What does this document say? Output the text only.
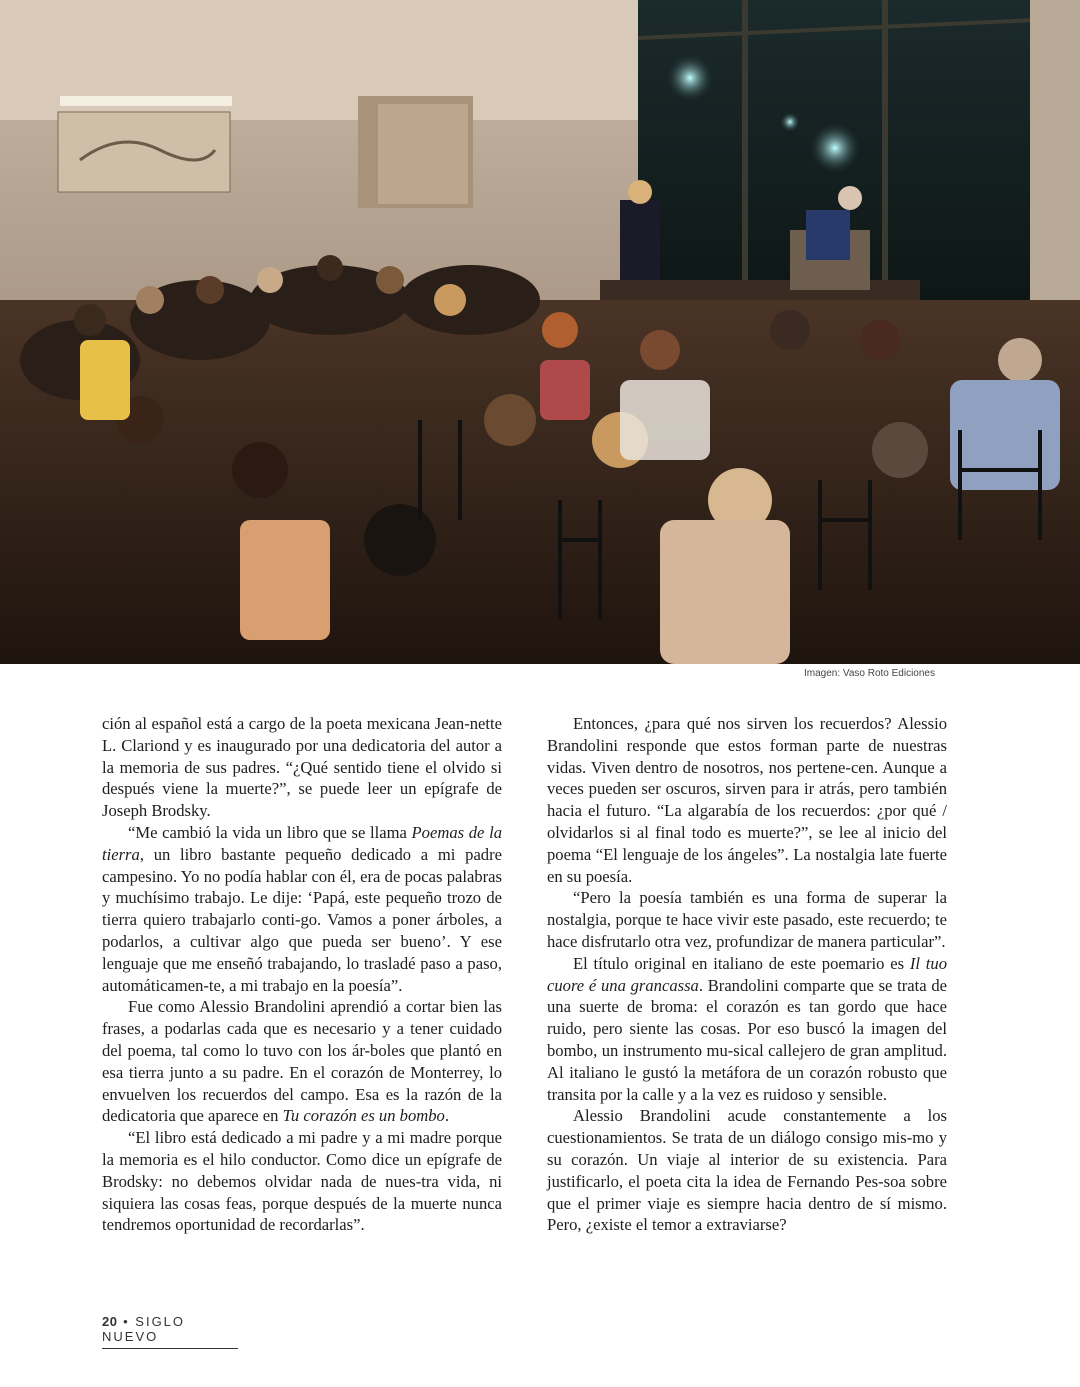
Imagen: Vaso Roto Ediciones

ción al español está a cargo de la poeta mexicana Jean-nette L. Clariond y es inaugurado por una dedicatoria del autor a la memoria de sus padres. “¿Qué sentido tiene el olvido si después viene la muerte?”, se puede leer un epígrafe de Joseph Brodsky.

“Me cambió la vida un libro que se llama Poemas de la tierra, un libro bastante pequeño dedicado a mi padre campesino. Yo no podía hablar con él, era de pocas palabras y muchísimo trabajo. Le dije: ‘Papá, este pequeño trozo de tierra quiero trabajarlo conti-go. Vamos a poner árboles, a podarlos, a cultivar algo que pueda ser bueno’. Y ese lenguaje que me enseñó trabajando, lo trasladé paso a paso, automáticamen-te, a mi trabajo en la poesía”.

Fue como Alessio Brandolini aprendió a cortar bien las frases, a podarlas cada que es necesario y a tener cuidado del poema, tal como lo tuvo con los ár-boles que plantó en esa tierra junto a su padre. En el corazón de Monterrey, lo envuelven los recuerdos del campo. Esa es la razón de la dedicatoria que aparece en Tu corazón es un bombo.

“El libro está dedicado a mi padre y a mi madre porque la memoria es el hilo conductor. Como dice un epígrafe de Brodsky: no debemos olvidar nada de nues-tra vida, ni siquiera las cosas feas, porque después de la muerte nunca tendremos oportunidad de recordarlas”.

Entonces, ¿para qué nos sirven los recuerdos? Alessio Brandolini responde que estos forman parte de nuestras vidas. Viven dentro de nosotros, nos pertene-cen. Aunque a veces pueden ser oscuros, sirven para ir atrás, pero también hacia el futuro. “La algarabía de los recuerdos: ¿por qué / olvidarlos si al final todo es muerte?”, se lee al inicio del poema “El lenguaje de los ángeles”. La nostalgia late fuerte en su poesía.

“Pero la poesía también es una forma de superar la nostalgia, porque te hace vivir este pasado, este recuerdo; te hace disfrutarlo otra vez, profundizar de manera particular”.

El título original en italiano de este poemario es Il tuo cuore é una grancassa. Brandolini comparte que se trata de una suerte de broma: el corazón es tan gordo que hace ruido, pero siente las cosas. Por eso buscó la imagen del bombo, un instrumento mu-sical callejero de gran amplitud. Al italiano le gustó la metáfora de un corazón robusto que transita por la calle y a la vez es ruidoso y sensible.

Alessio Brandolini acude constantemente a los cuestionamientos. Se trata de un diálogo consigo mis-mo y su corazón. Un viaje al interior de su existencia. Para justificarlo, el poeta cita la idea de Fernando Pes-soa sobre que el primer viaje es siempre hacia dentro de sí mismo. Pero, ¿existe el temor a extraviarse?

20 • SIGLO NUEVO
